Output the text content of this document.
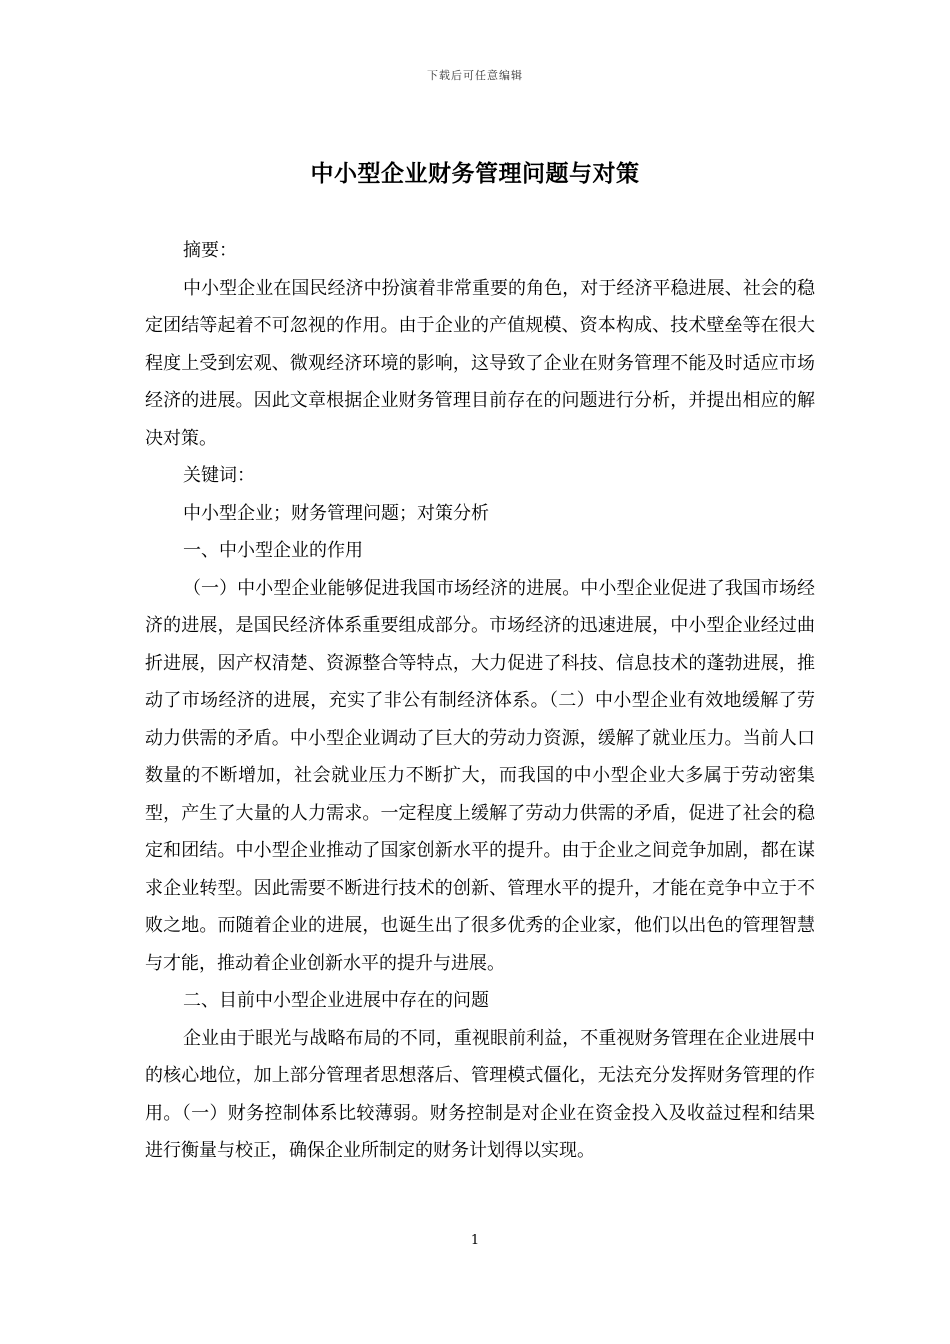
下载后可任意编辑
中小型企业财务管理问题与对策

摘要：

中小型企业在国民经济中扮演着非常重要的角色，对于经济平稳进展、社会的稳定团结等起着不可忽视的作用。由于企业的产值规模、资本构成、技术壁垒等在很大程度上受到宏观、微观经济环境的影响，这导致了企业在财务管理不能及时适应市场经济的进展。因此文章根据企业财务管理目前存在的问题进行分析，并提出相应的解决对策。

关键词：

中小型企业；财务管理问题；对策分析

一、中小型企业的作用

（一）中小型企业能够促进我国市场经济的进展。中小型企业促进了我国市场经济的进展，是国民经济体系重要组成部分。市场经济的迅速进展，中小型企业经过曲折进展，因产权清楚、资源整合等特点，大力促进了科技、信息技术的蓬勃进展，推动了市场经济的进展，充实了非公有制经济体系。（二）中小型企业有效地缓解了劳动力供需的矛盾。中小型企业调动了巨大的劳动力资源，缓解了就业压力。当前人口数量的不断增加，社会就业压力不断扩大，而我国的中小型企业大多属于劳动密集型，产生了大量的人力需求。一定程度上缓解了劳动力供需的矛盾，促进了社会的稳定和团结。中小型企业推动了国家创新水平的提升。由于企业之间竞争加剧，都在谋求企业转型。因此需要不断进行技术的创新、管理水平的提升，才能在竞争中立于不败之地。而随着企业的进展，也诞生出了很多优秀的企业家，他们以出色的管理智慧与才能，推动着企业创新水平的提升与进展。

二、目前中小型企业进展中存在的问题

企业由于眼光与战略布局的不同，重视眼前利益，不重视财务管理在企业进展中的核心地位，加上部分管理者思想落后、管理模式僵化，无法充分发挥财务管理的作用。（一）财务控制体系比较薄弱。财务控制是对企业在资金投入及收益过程和结果进行衡量与校正，确保企业所制定的财务计划得以实现。

1
